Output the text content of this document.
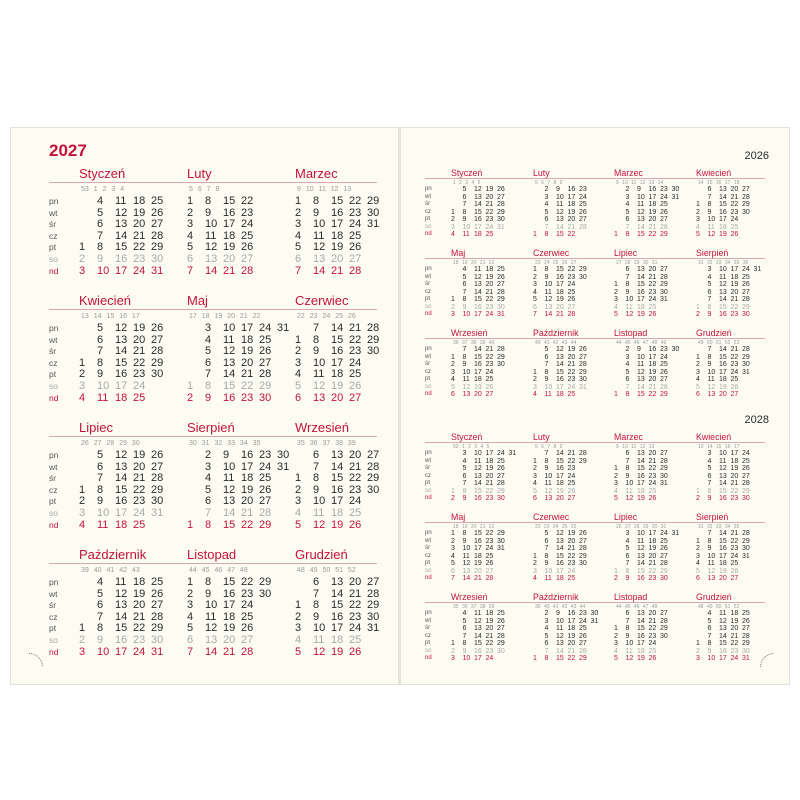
2027
pn
wt
śr
cz
pt
so
nd
Styczeń
53 1 2 3 4
1
2
3
4
5
6
7
8
9
10
11
12
13
14
15
16
17
18
19
20
21
22
23
24
25
26
27
28
29
30
31
Luty
5 6 7 8
1
2
3
4
5
6
7
8
9
10
11
12
13
14
15
16
17
18
19
20
21
22
23
24
25
26
27
28
Marzec
9 10 11 12 13
1
2
3
4
5
6
7
8
9
10
11
12
13
14
15
16
17
18
19
20
21
22
23
24
25
26
27
28
29
30
31
pn
wt
śr
cz
pt
so
nd
Kwiecień
13 14 15 16 17
1
2
3
4
5
6
7
8
9
10
11
12
13
14
15
16
17
18
19
20
21
22
23
24
25
26
27
28
29
30
Maj
17 18 19 20 21 22
1
2
3
4
5
6
7
8
9
10
11
12
13
14
15
16
17
18
19
20
21
22
23
24
25
26
27
28
29
30
31
Czerwiec
22 23 24 25 26
1
2
3
4
5
6
7
8
9
10
11
12
13
14
15
16
17
18
19
20
21
22
23
24
25
26
27
28
29
30
pn
wt
śr
cz
pt
so
nd
Lipiec
26 27 28 29 30
1
2
3
4
5
6
7
8
9
10
11
12
13
14
15
16
17
18
19
20
21
22
23
24
25
26
27
28
29
30
31
Sierpień
30 31 32 33 34 35
1
2
3
4
5
6
7
8
9
10
11
12
13
14
15
16
17
18
19
20
21
22
23
24
25
26
27
28
29
30
31
Wrzesień
35 36 37 38 39
1
2
3
4
5
6
7
8
9
10
11
12
13
14
15
16
17
18
19
20
21
22
23
24
25
26
27
28
29
30
pn
wt
śr
cz
pt
so
nd
Październik
39 40 41 42 43
1
2
3
4
5
6
7
8
9
10
11
12
13
14
15
16
17
18
19
20
21
22
23
24
25
26
27
28
29
30
31
Listopad
44 45 46 47 48
1
2
3
4
5
6
7
8
9
10
11
12
13
14
15
16
17
18
19
20
21
22
23
24
25
26
27
28
29
30
Grudzień
48 49 50 51 52
1
2
3
4
5
6
7
8
9
10
11
12
13
14
15
16
17
18
19
20
21
22
23
24
25
26
27
28
29
30
31
2026
pn
wt
śr
cz
pt
so
nd
Styczeń
1 2 3 4 5
1
2
3
4
5
6
7
8
9
10
11
12
13
14
15
16
17
18
19
20
21
22
23
24
25
26
27
28
29
30
31
Luty
5 6 7 8 9
1
2
3
4
5
6
7
8
9
10
11
12
13
14
15
16
17
18
19
20
21
22
23
24
25
26
27
28
Marzec
9 10 11 12 13 14
1
2
3
4
5
6
7
8
9
10
11
12
13
14
15
16
17
18
19
20
21
22
23
24
25
26
27
28
29
30
31
Kwiecień
14 15 16 17 18
1
2
3
4
5
6
7
8
9
10
11
12
13
14
15
16
17
18
19
20
21
22
23
24
25
26
27
28
29
30
pn
wt
śr
cz
pt
so
nd
Maj
18 19 20 21 22
1
2
3
4
5
6
7
8
9
10
11
12
13
14
15
16
17
18
19
20
21
22
23
24
25
26
27
28
29
30
31
Czerwiec
23 24 25 26 27
1
2
3
4
5
6
7
8
9
10
11
12
13
14
15
16
17
18
19
20
21
22
23
24
25
26
27
28
29
30
Lipiec
27 28 29 30 31
1
2
3
4
5
6
7
8
9
10
11
12
13
14
15
16
17
18
19
20
21
22
23
24
25
26
27
28
29
30
31
Sierpień
31 32 33 34 35 36
1
2
3
4
5
6
7
8
9
10
11
12
13
14
15
16
17
18
19
20
21
22
23
24
25
26
27
28
29
30
31
pn
wt
śr
cz
pt
so
nd
Wrzesień
36 37 38 39 40
1
2
3
4
5
6
7
8
9
10
11
12
13
14
15
16
17
18
19
20
21
22
23
24
25
26
27
28
29
30
Październik
40 41 42 43 44
1
2
3
4
5
6
7
8
9
10
11
12
13
14
15
16
17
18
19
20
21
22
23
24
25
26
27
28
29
30
31
Listopad
44 45 46 47 48 49
1
2
3
4
5
6
7
8
9
10
11
12
13
14
15
16
17
18
19
20
21
22
23
24
25
26
27
28
29
30
Grudzień
49 50 51 52 53
1
2
3
4
5
6
7
8
9
10
11
12
13
14
15
16
17
18
19
20
21
22
23
24
25
26
27
28
29
30
31
2028
pn
wt
śr
cz
pt
so
nd
Styczeń
52 1 2 3 4 5
1
2
3
4
5
6
7
8
9
10
11
12
13
14
15
16
17
18
19
20
21
22
23
24
25
26
27
28
29
30
31
Luty
5 6 7 8 9
1
2
3
4
5
6
7
8
9
10
11
12
13
14
15
16
17
18
19
20
21
22
23
24
25
26
27
28
29
Marzec
9 10 11 12 13
1
2
3
4
5
6
7
8
9
10
11
12
13
14
15
16
17
18
19
20
21
22
23
24
25
26
27
28
29
30
31
Kwiecień
13 14 15 16 17
1
2
3
4
5
6
7
8
9
10
11
12
13
14
15
16
17
18
19
20
21
22
23
24
25
26
27
28
29
30
pn
wt
śr
cz
pt
so
nd
Maj
18 19 20 21 22
1
2
3
4
5
6
7
8
9
10
11
12
13
14
15
16
17
18
19
20
21
22
23
24
25
26
27
28
29
30
31
Czerwiec
22 23 24 25 26
1
2
3
4
5
6
7
8
9
10
11
12
13
14
15
16
17
18
19
20
21
22
23
24
25
26
27
28
29
30
Lipiec
26 27 28 29 30 31
1
2
3
4
5
6
7
8
9
10
11
12
13
14
15
16
17
18
19
20
21
22
23
24
25
26
27
28
29
30
31
Sierpień
31 32 33 34 35
1
2
3
4
5
6
7
8
9
10
11
12
13
14
15
16
17
18
19
20
21
22
23
24
25
26
27
28
29
30
31
pn
wt
śr
cz
pt
so
nd
Wrzesień
35 36 37 38 39
1
2
3
4
5
6
7
8
9
10
11
12
13
14
15
16
17
18
19
20
21
22
23
24
25
26
27
28
29
30
Październik
39 40 41 42 43 44
1
2
3
4
5
6
7
8
9
10
11
12
13
14
15
16
17
18
19
20
21
22
23
24
25
26
27
28
29
30
31
Listopad
44 45 46 47 48
1
2
3
4
5
6
7
8
9
10
11
12
13
14
15
16
17
18
19
20
21
22
23
24
25
26
27
28
29
30
Grudzień
48 49 50 51 52
1
2
3
4
5
6
7
8
9
10
11
12
13
14
15
16
17
18
19
20
21
22
23
24
25
26
27
28
29
30
31
